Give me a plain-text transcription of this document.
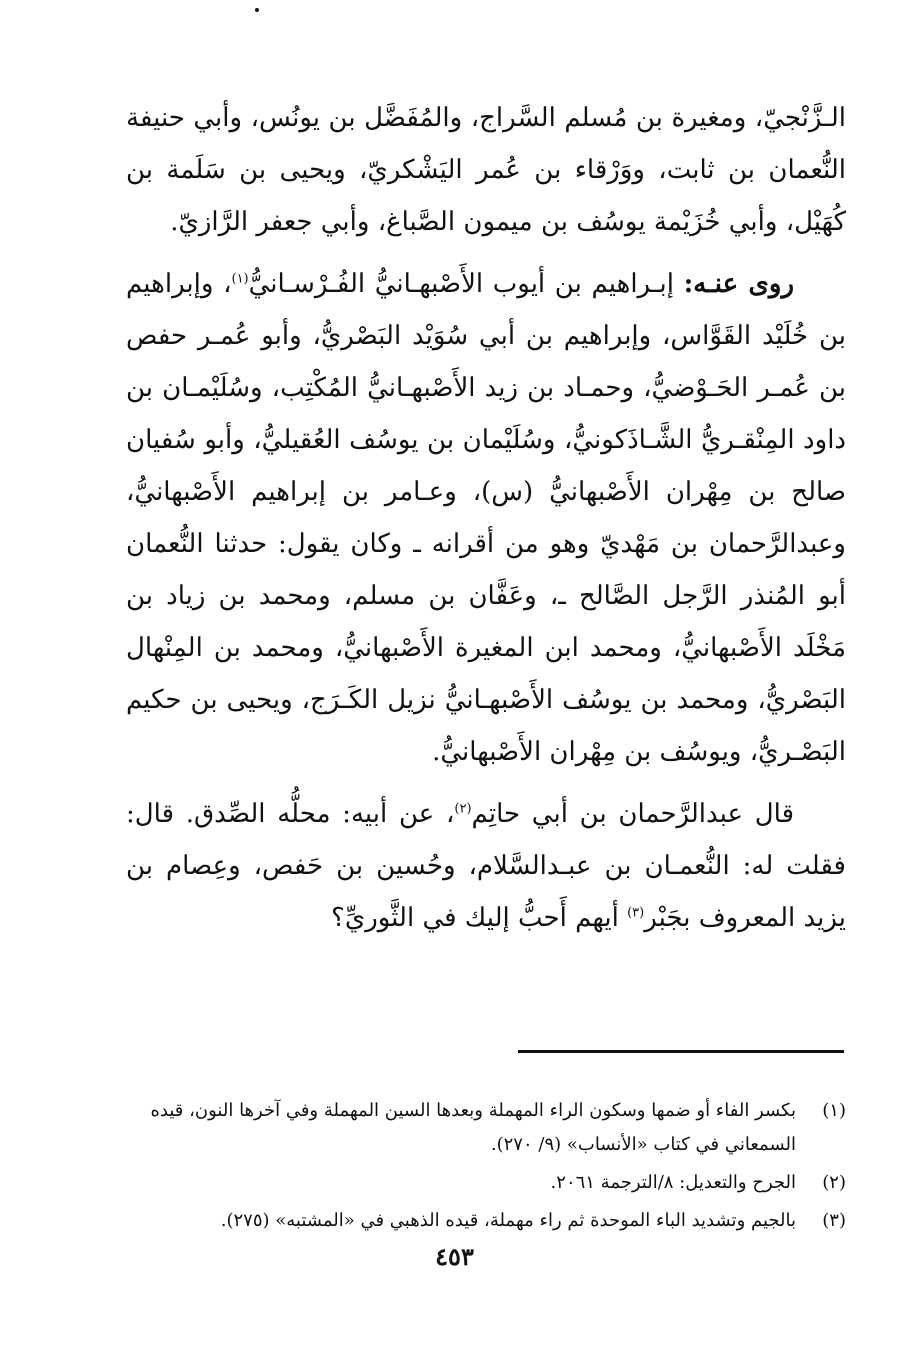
الـزَّنْجيّ، ومغيرة بن مُسلم السَّراج، والمُفَضَّل بن يونُس، وأبي حنيفة النُّعمان بن ثابت، ووَرْقاء بن عُمر اليَشْكريّ، ويحيى بن سَلَمة بن كُهَيْل، وأبي خُزَيْمة يوسُف بن ميمون الصَّباغ، وأبي جعفر الرَّازيّ.

روى عنـه: إبـراهيم بن أيوب الأَصْبهـانيُّ الفُـرْسـانيُّ$^{(١)}$، وإبراهيم بن خُلَيْد القَوَّاس، وإبراهيم بن أبي سُوَيْد البَصْريُّ، وأبو عُمـر حفص بن عُمـر الحَـوْضيُّ، وحمـاد بن زيد الأَصْبهـانيُّ المُكْتِب، وسُلَيْمـان بن داود المِنْقـريُّ الشَّـاذَكونيُّ، وسُلَيْمان بن يوسُف العُقيليُّ، وأبو سُفيان صالح بن مِهْران الأَصْبهانيُّ (س)، وعـامر بن إبراهيم الأَصْبهانيُّ، وعبدالرَّحمان بن مَهْديّ وهو من أقرانه ـ وكان يقول: حدثنا النُّعمان أبو المُنذر الرَّجل الصَّالح ـ، وعَفَّان بن مسلم، ومحمد بن زياد بن مَخْلَد الأَصْبهانيُّ، ومحمد ابن المغيرة الأَصْبهانيُّ، ومحمد بن المِنْهال البَصْريُّ، ومحمد بن يوسُف الأَصْبهـانيُّ نزيل الكَـرَج، ويحيى بن حكيم البَصْـريُّ، ويوسُف بن مِهْران الأَصْبهانيُّ.

قال عبدالرَّحمان بن أبي حاتِم$^{(٢)}$، عن أبيه: محلُّه الصِّدق. قال: فقلت له: النُّعمـان بن عبـدالسَّلام، وحُسين بن حَفص، وعِصام بن يزيد المعروف بجَبْر$^{(٣)}$ أيهم أَحبُّ إليك في الثَّوريِّ؟

(١)
بكسر الفاء أو ضمها وسكون الراء المهملة وبعدها السين المهملة وفي آخرها النون، قيده السمعاني في كتاب «الأنساب» (٩/ ٢٧٠).
(٢)
الجرح والتعديل: ٨/الترجمة ٢٠٦١.
(٣)
بالجيم وتشديد الباء الموحدة ثم راء مهملة، قيده الذهبي في «المشتبه» (٢٧٥).
٤٥٣
